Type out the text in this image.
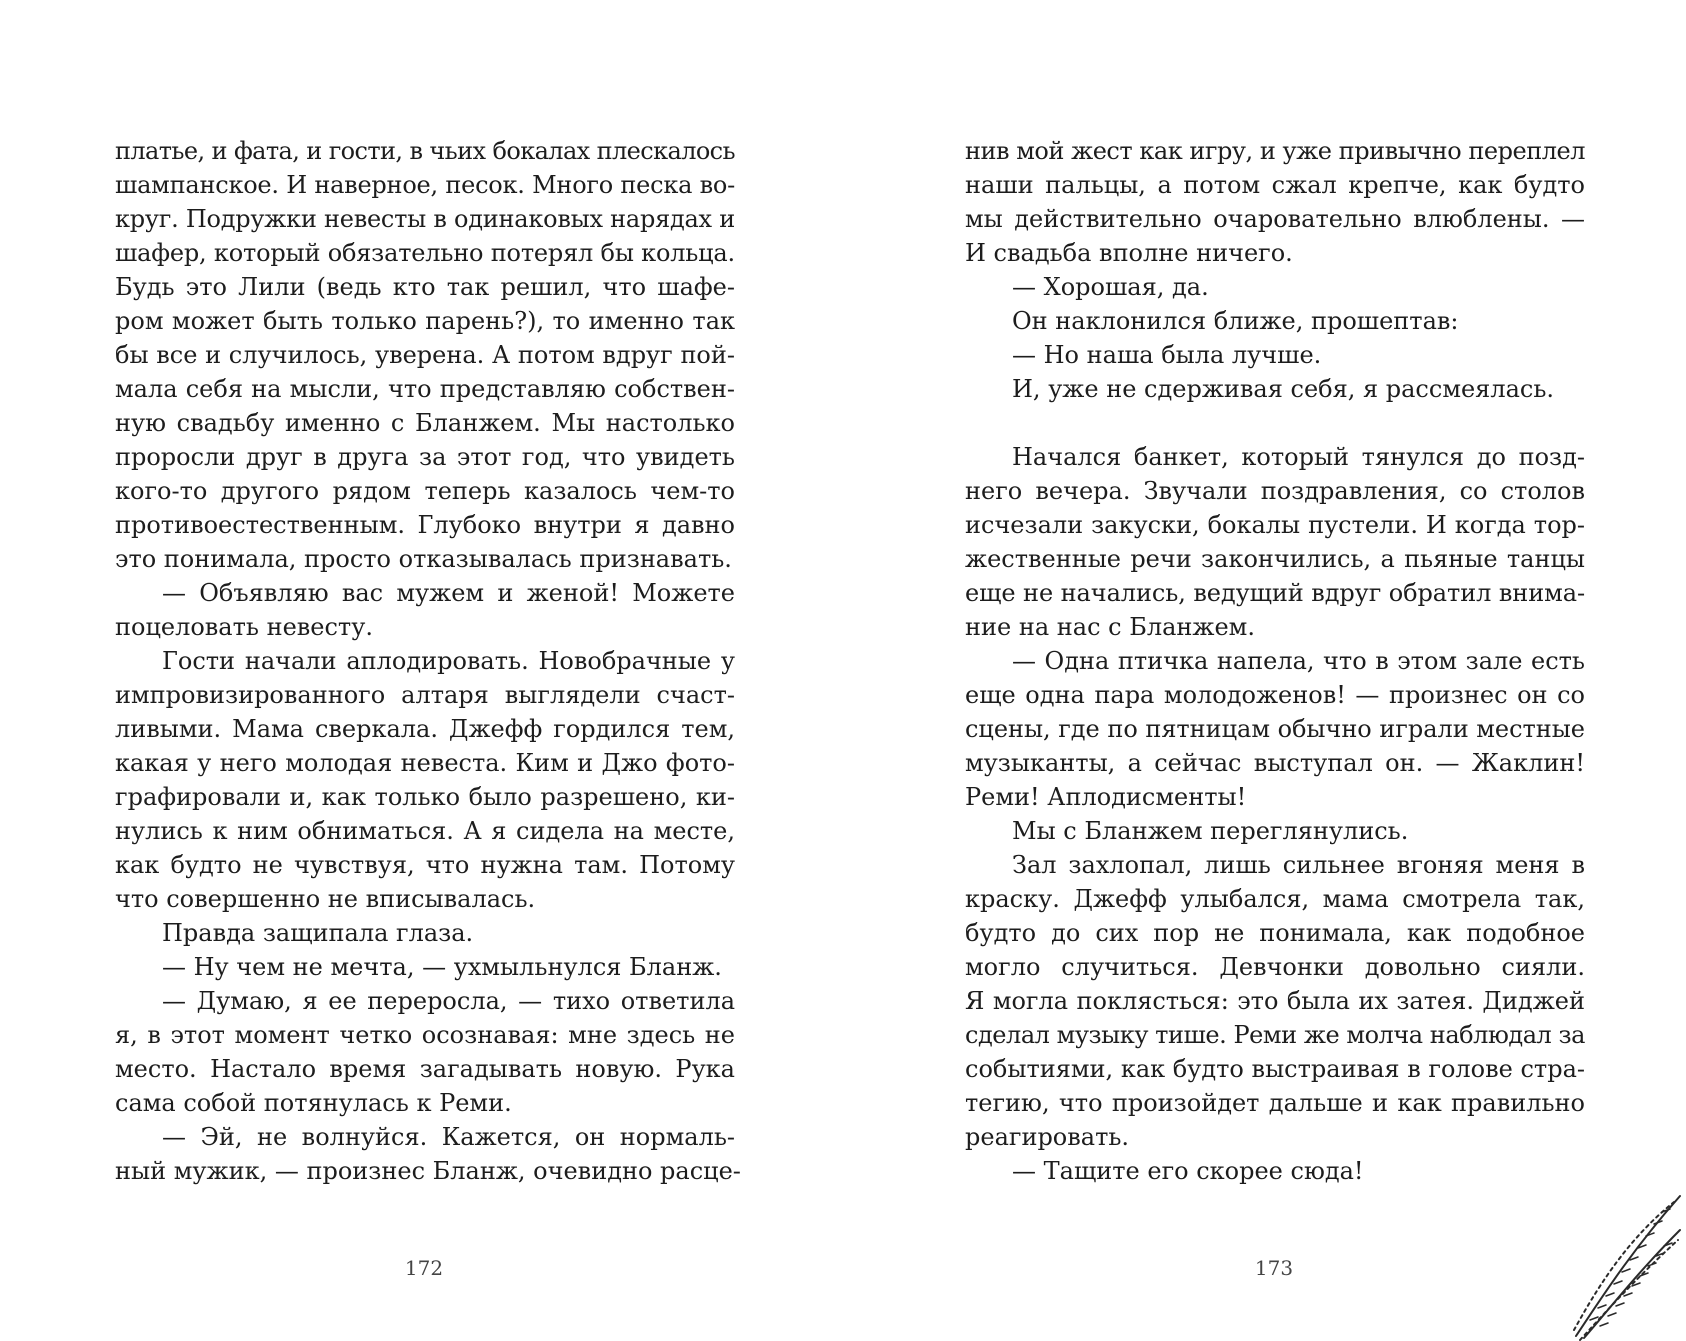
платье, и фата, и гости, в чьих бокалах плескалось
шампанское. И наверное, песок. Много песка во-
круг. Подружки невесты в одинаковых нарядах и
шафер, который обязательно потерял бы кольца.
Будь это Лили (ведь кто так решил, что шафе-
ром может быть только парень?), то именно так
бы все и случилось, уверена. А потом вдруг пой-
мала себя на мысли, что представляю собствен-
ную свадьбу именно с Бланжем. Мы настолько
проросли друг в друга за этот год, что увидеть
кого-то другого рядом теперь казалось чем-то
противоестественным. Глубоко внутри я давно
это понимала, просто отказывалась признавать.
— Объявляю вас мужем и женой! Можете
поцеловать невесту.
Гости начали аплодировать. Новобрачные у
импровизированного алтаря выглядели счаст-
ливыми. Мама сверкала. Джефф гордился тем,
какая у него молодая невеста. Ким и Джо фото-
графировали и, как только было разрешено, ки-
нулись к ним обниматься. А я сидела на месте,
как будто не чувствуя, что нужна там. Потому
что совершенно не вписывалась.
Правда защипала глаза.
— Ну чем не мечта, — ухмыльнулся Бланж.
— Думаю, я ее переросла, — тихо ответила
я, в этот момент четко осознавая: мне здесь не
место. Настало время загадывать новую. Рука
сама собой потянулась к Реми.
— Эй, не волнуйся. Кажется, он нормаль-
ный мужик, — произнес Бланж, очевидно расце-
172
нив мой жест как игру, и уже привычно переплел
наши пальцы, а потом сжал крепче, как будто
мы действительно очаровательно влюблены. —
И свадьба вполне ничего.
— Хорошая, да.
Он наклонился ближе, прошептав:
— Но наша была лучше.
И, уже не сдерживая себя, я рассмеялась.
Начался банкет, который тянулся до позд-
него вечера. Звучали поздравления, со столов
исчезали закуски, бокалы пустели. И когда тор-
жественные речи закончились, а пьяные танцы
еще не начались, ведущий вдруг обратил внима-
ние на нас с Бланжем.
— Одна птичка напела, что в этом зале есть
еще одна пара молодоженов! — произнес он со
сцены, где по пятницам обычно играли местные
музыканты, а сейчас выступал он. — Жаклин!
Реми! Аплодисменты!
Мы с Бланжем переглянулись.
Зал захлопал, лишь сильнее вгоняя меня в
краску. Джефф улыбался, мама смотрела так,
будто до сих пор не понимала, как подобное
могло случиться. Девчонки довольно сияли.
Я могла поклясться: это была их затея. Диджей
сделал музыку тише. Реми же молча наблюдал за
событиями, как будто выстраивая в голове стра-
тегию, что произойдет дальше и как правильно
реагировать.
— Тащите его скорее сюда!
173
